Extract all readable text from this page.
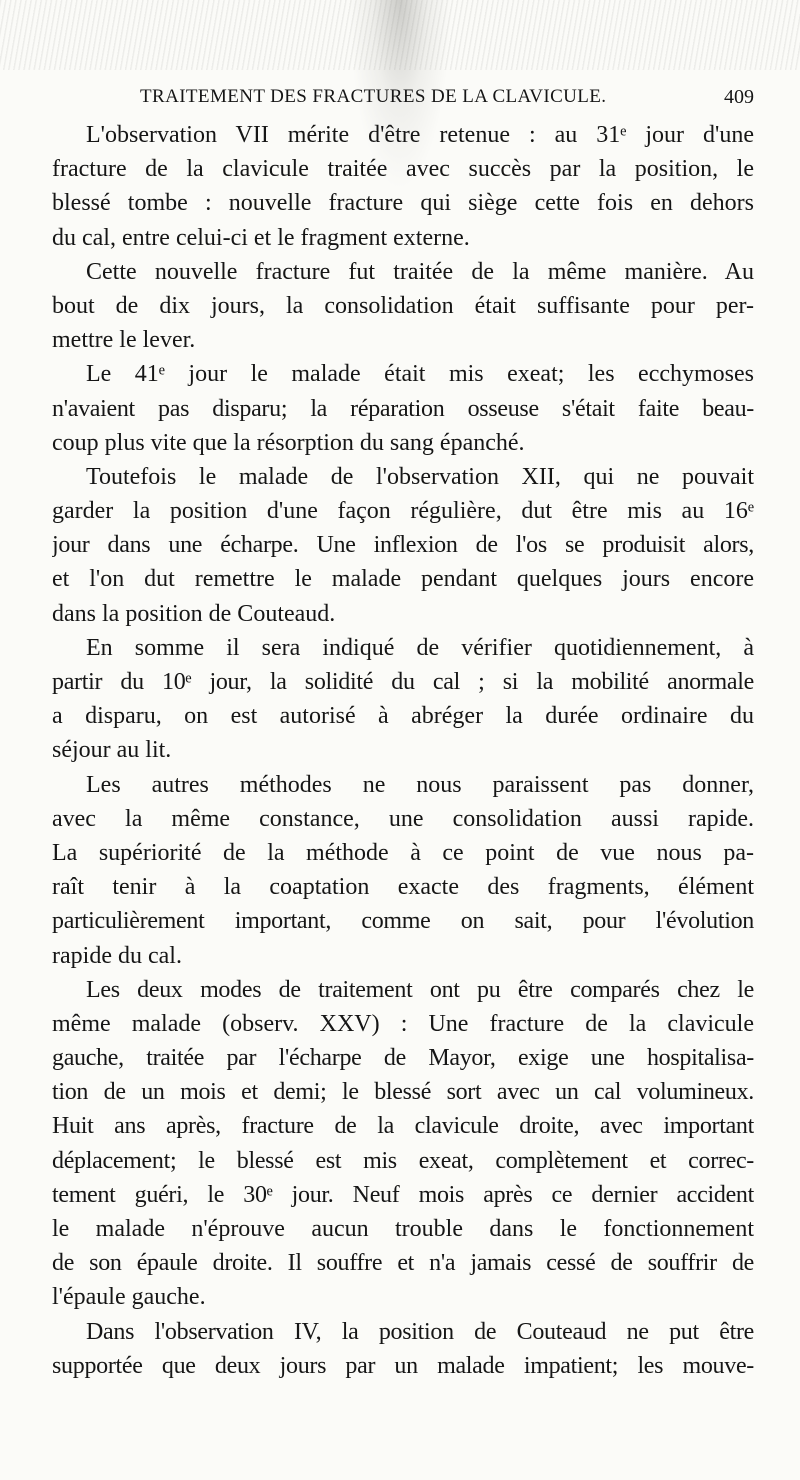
TRAITEMENT DES FRACTURES DE LA CLAVICULE.	409
L'observation VII mérite d'être retenue : au 31ᵉ jour d'une
fracture de la clavicule traitée avec succès par la position, le
blessé tombe : nouvelle fracture qui siège cette fois en dehors
du cal, entre celui-ci et le fragment externe.
Cette nouvelle fracture fut traitée de la même manière. Au
bout de dix jours, la consolidation était suffisante pour per-
mettre le lever.
Le 41ᵉ jour le malade était mis exeat; les ecchymoses
n'avaient pas disparu; la réparation osseuse s'était faite beau-
coup plus vite que la résorption du sang épanché.
Toutefois le malade de l'observation XII, qui ne pouvait
garder la position d'une façon régulière, dut être mis au 16ᵉ
jour dans une écharpe. Une inflexion de l'os se produisit alors,
et l'on dut remettre le malade pendant quelques jours encore
dans la position de Couteaud.
En somme il sera indiqué de vérifier quotidiennement, à
partir du 10ᵉ jour, la solidité du cal ; si la mobilité anormale
a disparu, on est autorisé à abréger la durée ordinaire du
séjour au lit.
Les autres méthodes ne nous paraissent pas donner,
avec la même constance, une consolidation aussi rapide.
La supériorité de la méthode à ce point de vue nous pa-
raît tenir à la coaptation exacte des fragments, élément
particulièrement important, comme on sait, pour l'évolution
rapide du cal.
Les deux modes de traitement ont pu être comparés chez le
même malade (observ. XXV) : Une fracture de la clavicule
gauche, traitée par l'écharpe de Mayor, exige une hospitalisa-
tion de un mois et demi; le blessé sort avec un cal volumineux.
Huit ans après, fracture de la clavicule droite, avec important
déplacement; le blessé est mis exeat, complètement et correc-
tement guéri, le 30ᵉ jour. Neuf mois après ce dernier accident
le malade n'éprouve aucun trouble dans le fonctionnement
de son épaule droite. Il souffre et n'a jamais cessé de souffrir de
l'épaule gauche.
Dans l'observation IV, la position de Couteaud ne put être
supportée que deux jours par un malade impatient; les mouve-
